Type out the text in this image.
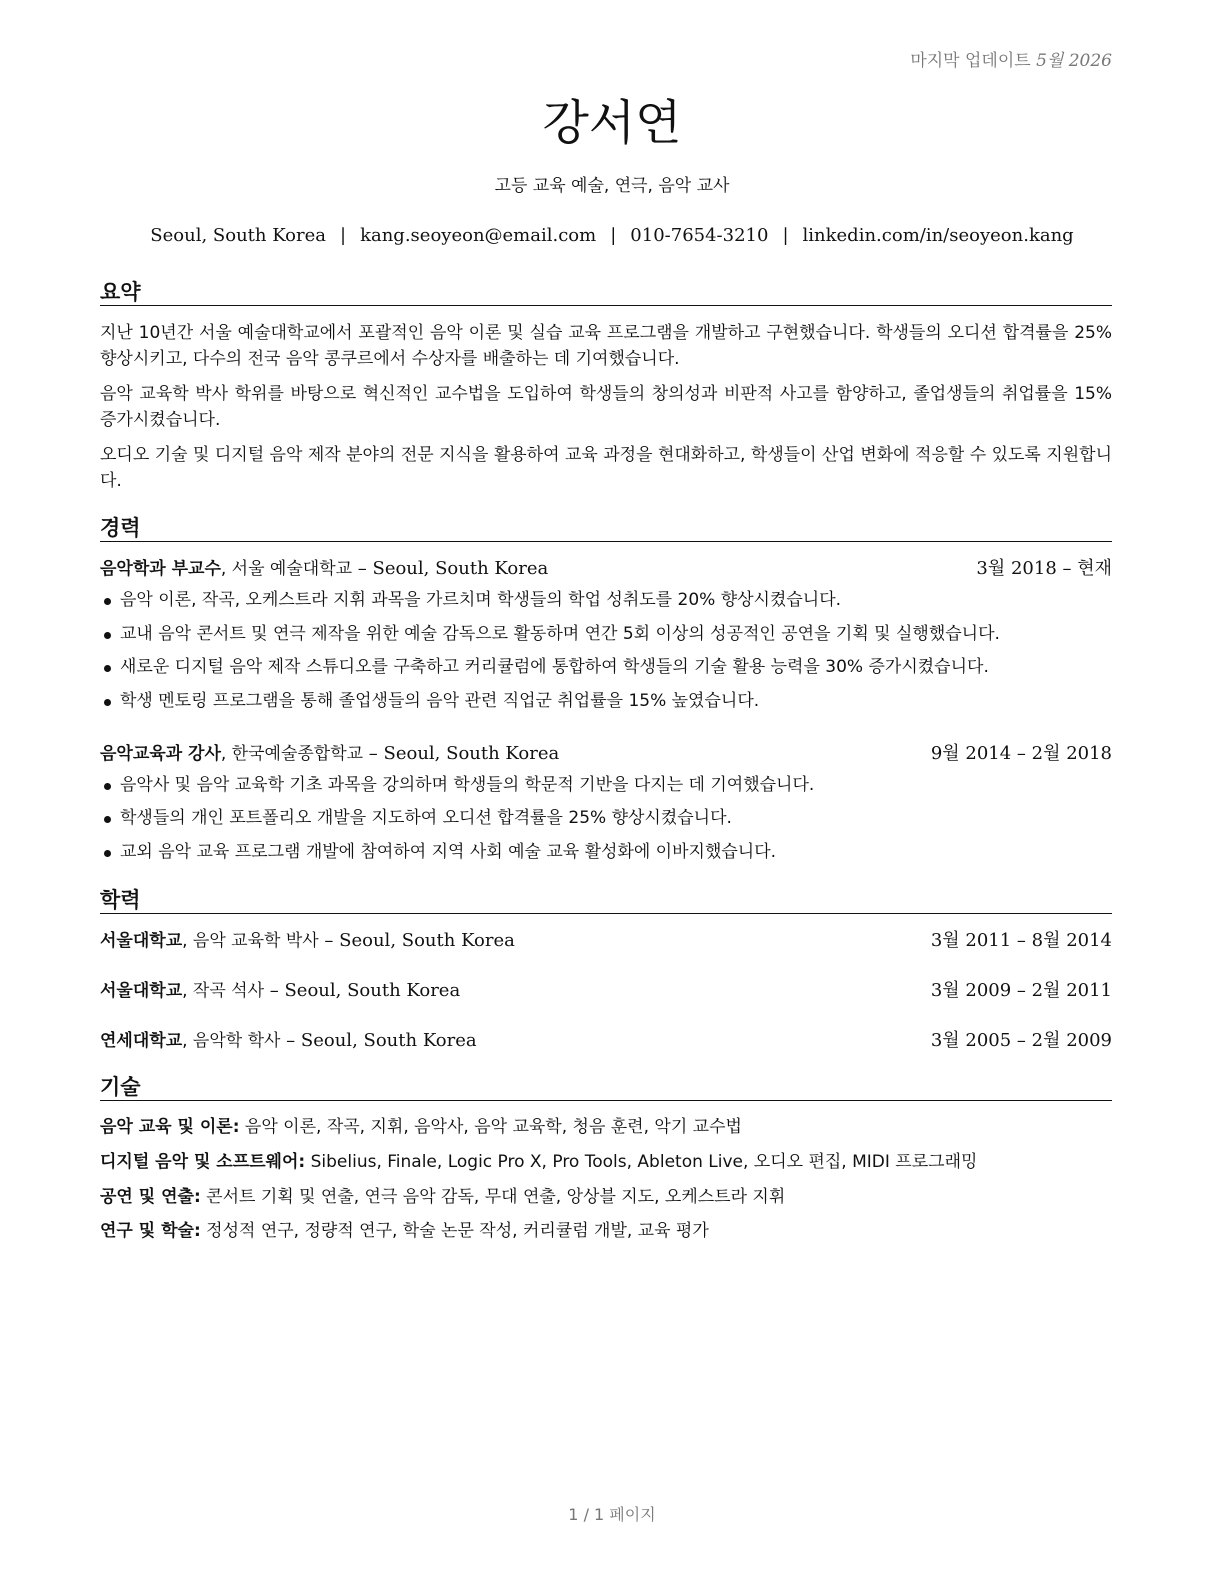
마지막 업데이트 5월 2026
강서연
고등 교육 예술, 연극, 음악 교사
Seoul, South Korea | kang.seoyeon@email.com | 010-7654-3210 | linkedin.com/in/seoyeon.kang
요약
지난 10년간 서울 예술대학교에서 포괄적인 음악 이론 및 실습 교육 프로그램을 개발하고 구현했습니다. 학생들의 오디션 합격률을 25% 향상시키고, 다수의 전국 음악 콩쿠르에서 수상자를 배출하는 데 기여했습니다.
음악 교육학 박사 학위를 바탕으로 혁신적인 교수법을 도입하여 학생들의 창의성과 비판적 사고를 함양하고, 졸업생들의 취업률을 15% 증가시켰습니다.
오디오 기술 및 디지털 음악 제작 분야의 전문 지식을 활용하여 교육 과정을 현대화하고, 학생들이 산업 변화에 적응할 수 있도록 지원합니다.
경력
음악학과 부교수, 서울 예술대학교 – Seoul, South Korea	3월 2018 – 현재
음악 이론, 작곡, 오케스트라 지휘 과목을 가르치며 학생들의 학업 성취도를 20% 향상시켰습니다.
교내 음악 콘서트 및 연극 제작을 위한 예술 감독으로 활동하며 연간 5회 이상의 성공적인 공연을 기획 및 실행했습니다.
새로운 디지털 음악 제작 스튜디오를 구축하고 커리큘럼에 통합하여 학생들의 기술 활용 능력을 30% 증가시켰습니다.
학생 멘토링 프로그램을 통해 졸업생들의 음악 관련 직업군 취업률을 15% 높였습니다.
음악교육과 강사, 한국예술종합학교 – Seoul, South Korea	9월 2014 – 2월 2018
음악사 및 음악 교육학 기초 과목을 강의하며 학생들의 학문적 기반을 다지는 데 기여했습니다.
학생들의 개인 포트폴리오 개발을 지도하여 오디션 합격률을 25% 향상시켰습니다.
교외 음악 교육 프로그램 개발에 참여하여 지역 사회 예술 교육 활성화에 이바지했습니다.
학력
서울대학교, 음악 교육학 박사 – Seoul, South Korea	3월 2011 – 8월 2014
서울대학교, 작곡 석사 – Seoul, South Korea	3월 2009 – 2월 2011
연세대학교, 음악학 학사 – Seoul, South Korea	3월 2005 – 2월 2009
기술
음악 교육 및 이론: 음악 이론, 작곡, 지휘, 음악사, 음악 교육학, 청음 훈련, 악기 교수법
디지털 음악 및 소프트웨어: Sibelius, Finale, Logic Pro X, Pro Tools, Ableton Live, 오디오 편집, MIDI 프로그래밍
공연 및 연출: 콘서트 기획 및 연출, 연극 음악 감독, 무대 연출, 앙상블 지도, 오케스트라 지휘
연구 및 학술: 정성적 연구, 정량적 연구, 학술 논문 작성, 커리큘럼 개발, 교육 평가
1 / 1 페이지
